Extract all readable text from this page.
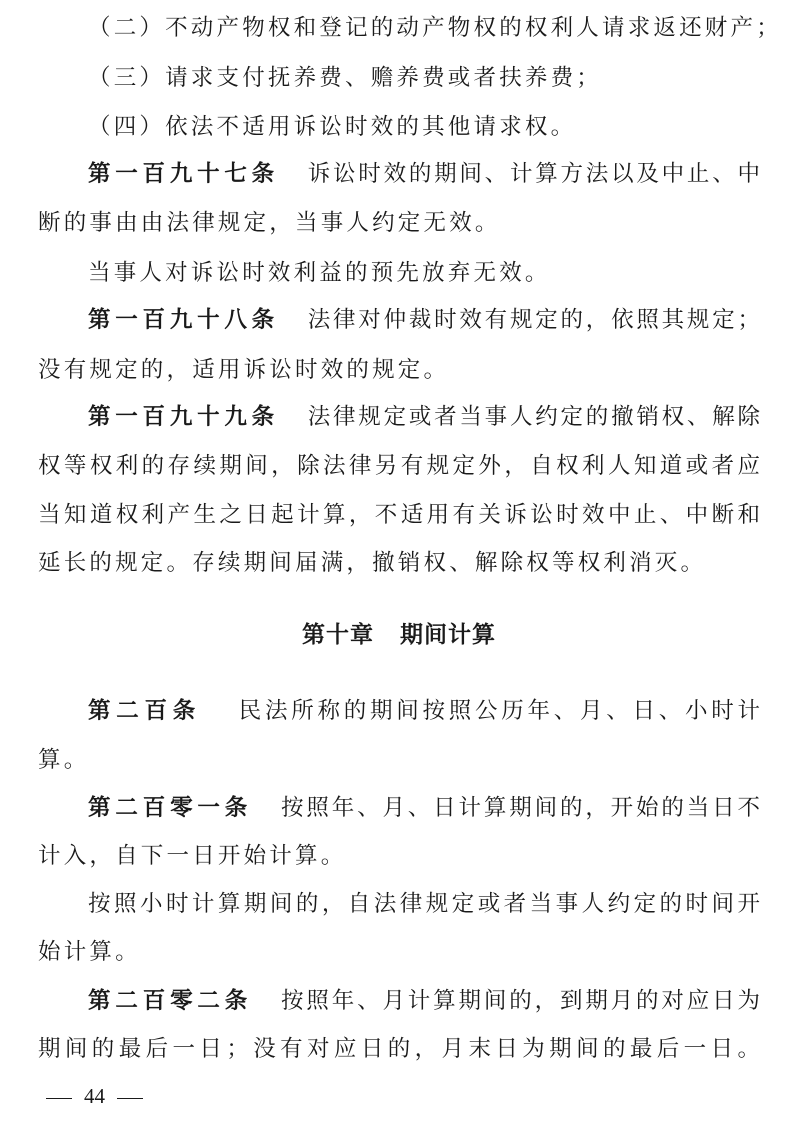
（二）不动产物权和登记的动产物权的权利人请求返还财产；
（三）请求支付抚养费、赡养费或者扶养费；
（四）依法不适用诉讼时效的其他请求权。
第一百九十七条 诉讼时效的期间、计算方法以及中止、中
断的事由由法律规定，当事人约定无效。
当事人对诉讼时效利益的预先放弃无效。
第一百九十八条 法律对仲裁时效有规定的，依照其规定；
没有规定的，适用诉讼时效的规定。
第一百九十九条 法律规定或者当事人约定的撤销权、解除
权等权利的存续期间，除法律另有规定外，自权利人知道或者应
当知道权利产生之日起计算，不适用有关诉讼时效中止、中断和
延长的规定。存续期间届满，撤销权、解除权等权利消灭。
第十章 期间计算
第二百条 民法所称的期间按照公历年、月、日、小时计
算。
第二百零一条 按照年、月、日计算期间的，开始的当日不
计入，自下一日开始计算。
按照小时计算期间的，自法律规定或者当事人约定的时间开
始计算。
第二百零二条 按照年、月计算期间的，到期月的对应日为
期间的最后一日；没有对应日的，月末日为期间的最后一日。
44
